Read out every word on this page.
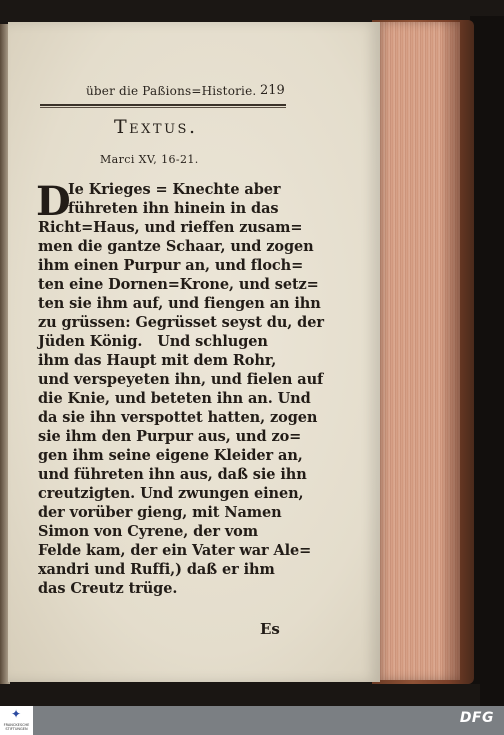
über die Paßions=Historie. 219
Textus.
Marci XV, 16-21.
D
Ie Krieges = Knechte aber
führeten ihn hinein in das
Richt=Haus, und rieffen zusam=
men die gantze Schaar, und zogen
ihm einen Purpur an, und floch=
ten eine Dornen=Krone, und setz=
ten sie ihm auf, und fiengen an ihn
zu grüssen: Gegrüsset seyst du, der
Jüden König.   Und schlugen
ihm das Haupt mit dem Rohr,
und verspeyeten ihn, und fielen auf
die Knie, und beteten ihn an. Und
da sie ihn verspottet hatten, zogen
sie ihm den Purpur aus, und zo=
gen ihm seine eigene Kleider an,
und führeten ihn aus, daß sie ihn
creutzigten. Und zwungen einen,
der vorüber gieng, mit Namen
Simon von Cyrene, der vom
Felde kam, der ein Vater war Ale=
xandri und Ruffi,) daß er ihm
das Creutz trüge.
Es
✦
FRANCKESCHE
STIFTUNGEN
DFG
